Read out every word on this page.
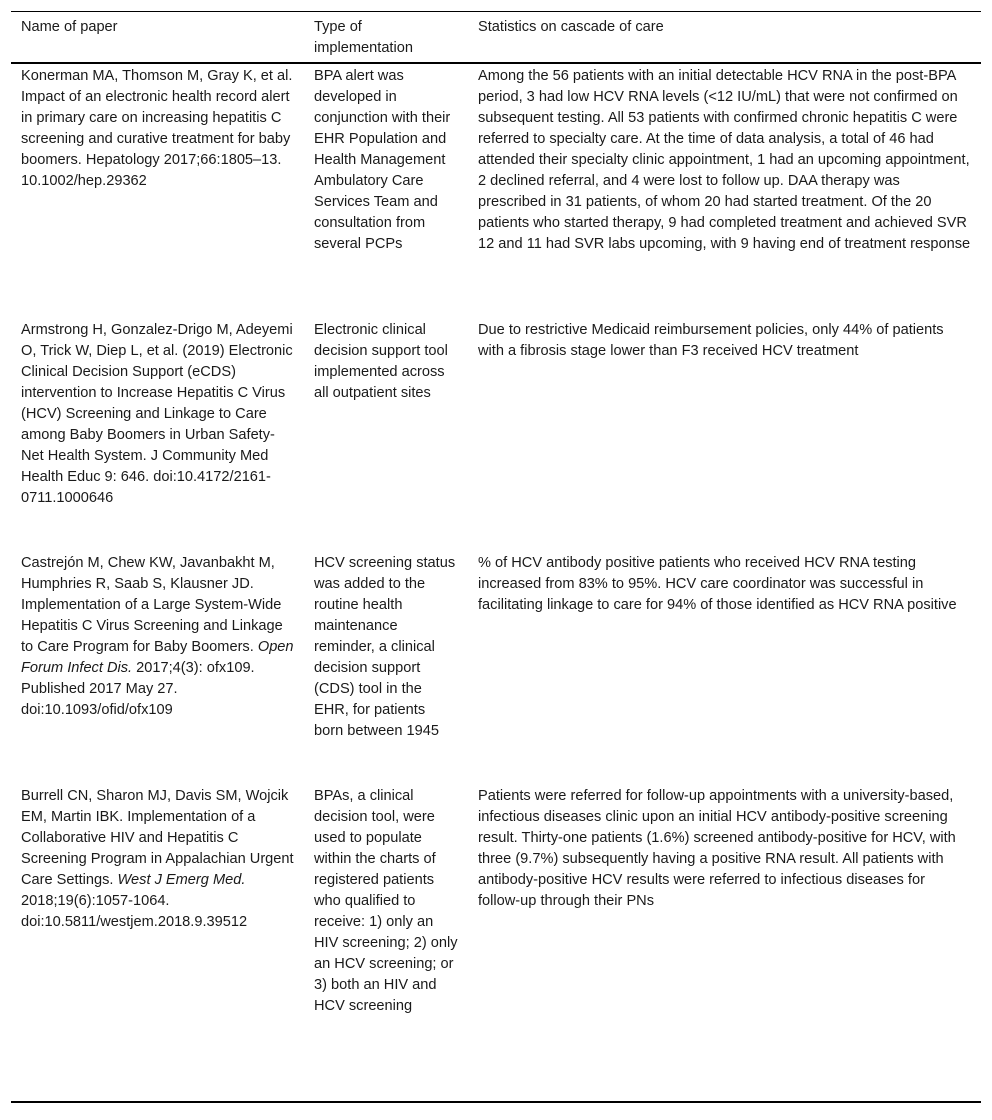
Name of paper	Type of implementation
Statistics on cascade of care
Konerman MA, Thomson M, Gray K, et al. Impact of an electronic health record alert in primary care on increasing hepatitis C screening and curative treatment for baby boomers. Hepatology 2017;66:1805–13. 10.1002/hep.29362
BPA alert was developed in conjunction with their EHR Population and Health Management Ambulatory Care Services Team and consultation from several PCPs
Among the 56 patients with an initial detectable HCV RNA in the post-BPA period, 3 had low HCV RNA levels (<12 IU/mL) that were not confirmed on subsequent testing. All 53 patients with confirmed chronic hepatitis C were referred to specialty care. At the time of data analysis, a total of 46 had attended their specialty clinic appointment, 1 had an upcoming appointment, 2 declined referral, and 4 were lost to follow up. DAA therapy was prescribed in 31 patients, of whom 20 had started treatment. Of the 20 patients who started therapy, 9 had completed treatment and achieved SVR 12 and 11 had SVR labs upcoming, with 9 having end of treatment response
Armstrong H, Gonzalez-Drigo M, Adeyemi O, Trick W, Diep L, et al. (2019) Electronic Clinical Decision Support (eCDS) intervention to Increase Hepatitis C Virus (HCV) Screening and Linkage to Care among Baby Boomers in Urban Safety-Net Health System. J Community Med Health Educ 9: 646. doi:10.4172/2161-0711.1000646
Electronic clinical decision support tool implemented across all outpatient sites
Due to restrictive Medicaid reimbursement policies, only 44% of patients with a fibrosis stage lower than F3 received HCV treatment
Castrejón M, Chew KW, Javanbakht M, Humphries R, Saab S, Klausner JD. Implementation of a Large System-Wide Hepatitis C Virus Screening and Linkage to Care Program for Baby Boomers. Open Forum Infect Dis. 2017;4(3): ofx109. Published 2017 May 27. doi:10.1093/ofid/ofx109
HCV screening status was added to the routine health maintenance reminder, a clinical decision support (CDS) tool in the EHR, for patients born between 1945
% of HCV antibody positive patients who received HCV RNA testing increased from 83% to 95%. HCV care coordinator was successful in facilitating linkage to care for 94% of those identified as HCV RNA positive
Burrell CN, Sharon MJ, Davis SM, Wojcik EM, Martin IBK. Implementation of a Collaborative HIV and Hepatitis C Screening Program in Appalachian Urgent Care Settings. West J Emerg Med. 2018;19(6):1057-1064. doi:10.5811/westjem.2018.9.39512
BPAs, a clinical decision tool, were used to populate within the charts of registered patients who qualified to receive: 1) only an HIV screening; 2) only an HCV screening; or 3) both an HIV and HCV screening
Patients were referred for follow-up appointments with a university-based, infectious diseases clinic upon an initial HCV antibody-positive screening result. Thirty-one patients (1.6%) screened antibody-positive for HCV, with three (9.7%) subsequently having a positive RNA result. All patients with antibody-positive HCV results were referred to infectious diseases for follow-up through their PNs
